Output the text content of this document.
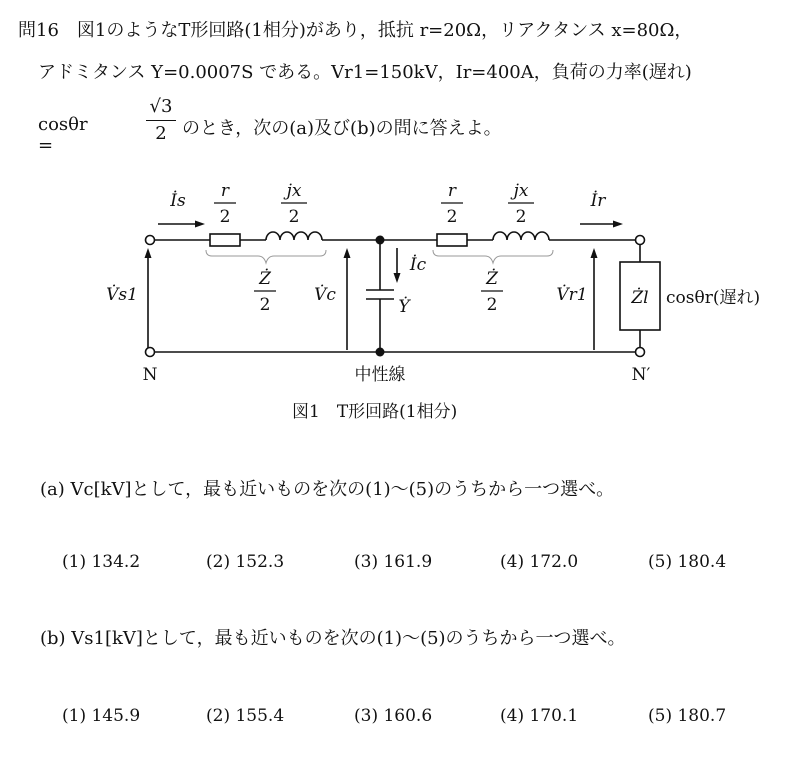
問16　図1のようなT形回路(1相分)があり，抵抗 r=20Ω，リアクタンス x=80Ω，
アドミタンス Y=0.0007S である。Vr1=150kV，Ir=400A，負荷の力率(遅れ)
cosθr =
√3
2 のとき，次の(a)及び(b)の問に答えよ。
r
2
jx
2
r
2
jx
2
Ż
2
Ż
2
İs	İr
İc
V̇s1	V̇c	V̇r1
Ẏ	Żl cosθr(遅れ)
N	N′
中性線
図1　T形回路(1相分)
(a) Vc[kV]として，最も近いものを次の(1)～(5)のうちから一つ選べ。
(1) 134.2	(2) 152.3	(3) 161.9	(4) 172.0	(5) 180.4
(b) Vs1[kV]として，最も近いものを次の(1)～(5)のうちから一つ選べ。
(1) 145.9	(2) 155.4	(3) 160.6	(4) 170.1	(5) 180.7
